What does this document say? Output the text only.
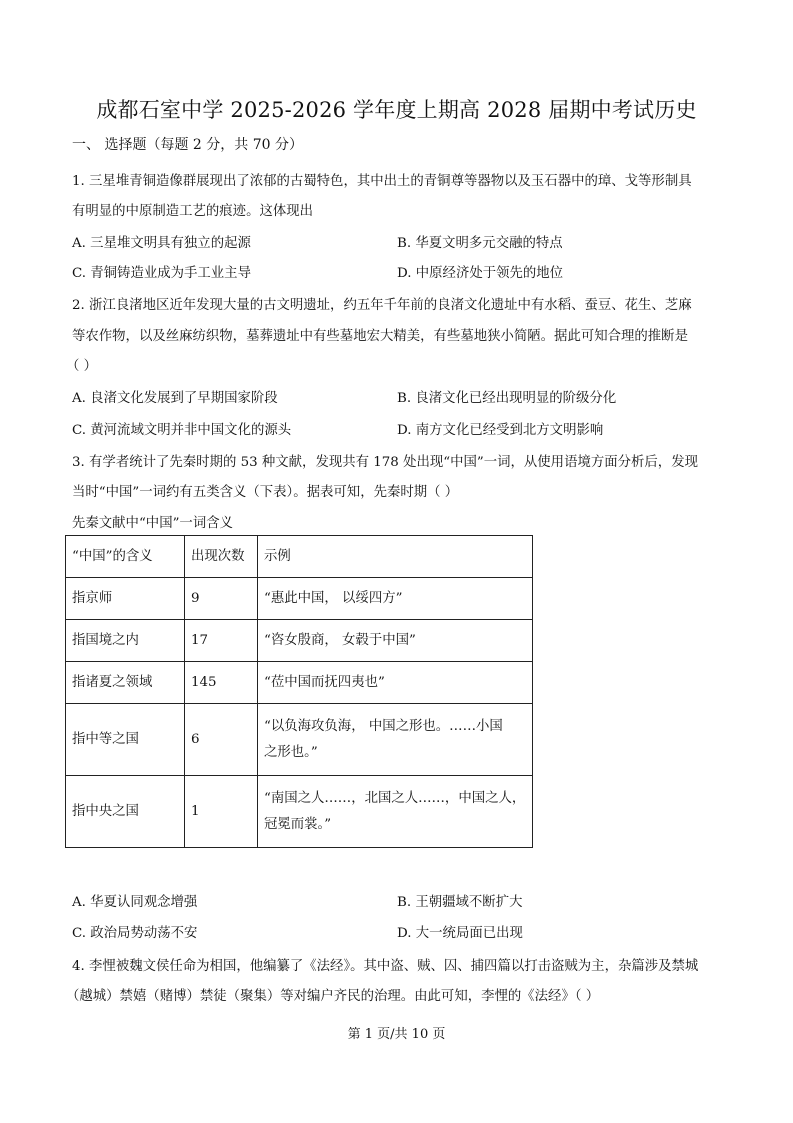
成都石室中学 2025-2026 学年度上期高 2028 届期中考试历史
一、 选择题（每题 2 分，共 70 分）
1. 三星堆青铜造像群展现出了浓郁的古蜀特色，其中出土的青铜尊等器物以及玉石器中的璋、戈等形制具
有明显的中原制造工艺的痕迹。这体现出
A. 三星堆文明具有独立的起源	B. 华夏文明多元交融的特点
C. 青铜铸造业成为手工业主导	D. 中原经济处于领先的地位
2. 浙江良渚地区近年发现大量的古文明遗址，约五年千年前的良渚文化遗址中有水稻、蚕豆、花生、芝麻
等农作物，以及丝麻纺织物，墓葬遗址中有些墓地宏大精美，有些墓地狭小简陋。据此可知合理的推断是
（ ）
A. 良渚文化发展到了早期国家阶段	B. 良渚文化已经出现明显的阶级分化
C. 黄河流域文明并非中国文化的源头	D. 南方文化已经受到北方文明影响
3. 有学者统计了先秦时期的 53 种文献，发现共有 178 处出现“中国”一词，从使用语境方面分析后，发现
当时“中国”一词约有五类含义（下表）。据表可知，先秦时期（ ）
先秦文献中“中国”一词含义
“中国”的含义	出现次数	示例
指京师	9	“惠此中国， 以绥四方”
指国境之内	17	“咨女殷商， 女毂于中国”
指诸夏之领域	145	“莅中国而抚四夷也”
指中等之国	6	“以负海攻负海， 中国之形也。……小国
之形也。”

指中央之国	1	“南国之人……，北国之人……，中国之人，
冠冕而裳。”
A. 华夏认同观念增强	B. 王朝疆域不断扩大
C. 政治局势动荡不安	D. 大一统局面已出现
4. 李悝被魏文侯任命为相国，他编纂了《法经》。其中盗、贼、囚、捕四篇以打击盗贼为主，杂篇涉及禁城
（越城）禁嬉（赌博）禁徒（聚集）等对编户齐民的治理。由此可知，李悝的《法经》（ ）
第 1 页/共 10 页
